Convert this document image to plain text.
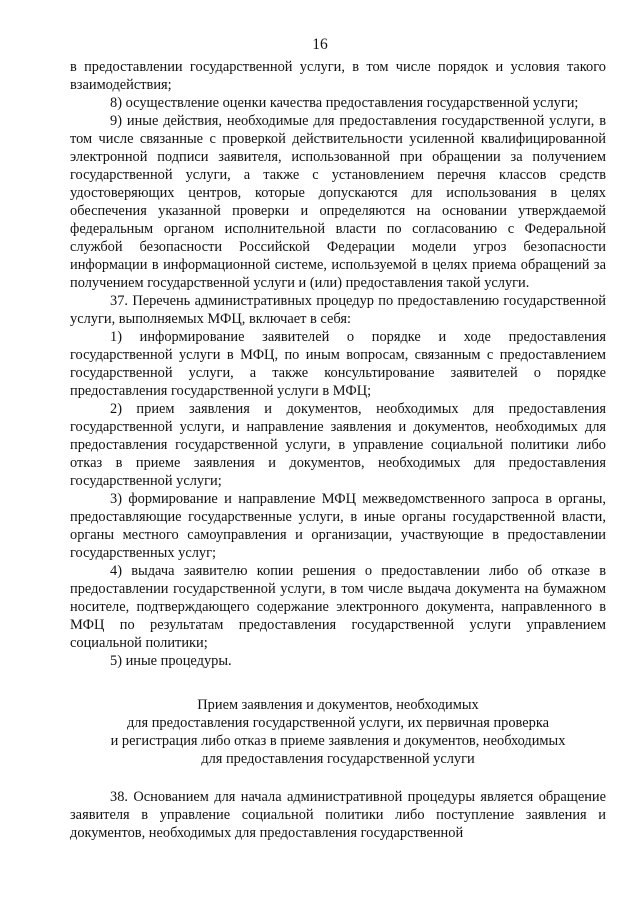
16

в предоставлении государственной услуги, в том числе порядок и условия такого взаимодействия;

8) осуществление оценки качества предоставления государственной услуги;

9) иные действия, необходимые для предоставления государственной услуги, в том числе связанные с проверкой действительности усиленной квалифицированной электронной подписи заявителя, использованной при обращении за получением государственной услуги, а также с установлением перечня классов средств удостоверяющих центров, которые допускаются для использования в целях обеспечения указанной проверки и определяются на основании утверждаемой федеральным органом исполнительной власти по согласованию с Федеральной службой безопасности Российской Федерации модели угроз безопасности информации в информационной системе, используемой в целях приема обращений за получением государственной услуги и (или) предоставления такой услуги.

37. Перечень административных процедур по предоставлению государственной услуги, выполняемых МФЦ, включает в себя:

1) информирование заявителей о порядке и ходе предоставления государственной услуги в МФЦ, по иным вопросам, связанным с предоставлением государственной услуги, а также консультирование заявителей о порядке предоставления государственной услуги в МФЦ;

2) прием заявления и документов, необходимых для предоставления государственной услуги, и направление заявления и документов, необходимых для предоставления государственной услуги, в управление социальной политики либо отказ в приеме заявления и документов, необходимых для предоставления государственной услуги;

3) формирование и направление МФЦ межведомственного запроса в органы, предоставляющие государственные услуги, в иные органы государственной власти, органы местного самоуправления и организации, участвующие в предоставлении государственных услуг;

4) выдача заявителю копии решения о предоставлении либо об отказе в предоставлении государственной услуги, в том числе выдача документа на бумажном носителе, подтверждающего содержание электронного документа, направленного в МФЦ по результатам предоставления государственной услуги управлением социальной политики;

5) иные процедуры.

Прием заявления и документов, необходимых
для предоставления государственной услуги, их первичная проверка
и регистрация либо отказ в приеме заявления и документов, необходимых
для предоставления государственной услуги

38. Основанием для начала административной процедуры является обращение заявителя в управление социальной политики либо поступление заявления и документов, необходимых для предоставления государственной
